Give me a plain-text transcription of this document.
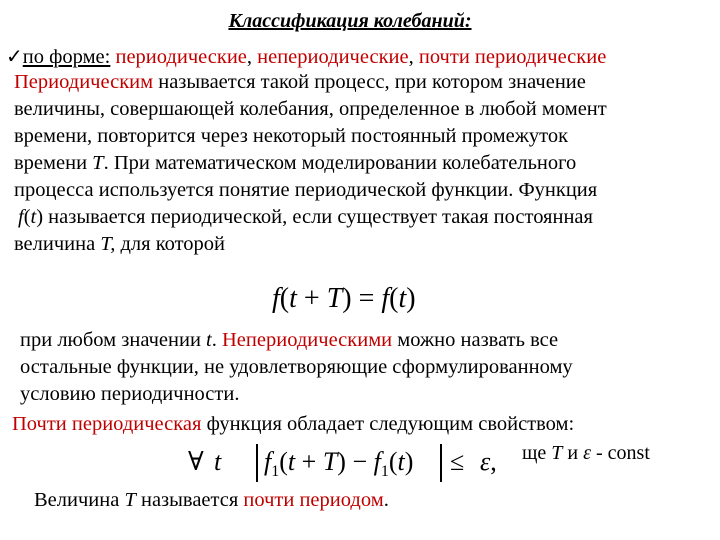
Классификация колебаний:
✓по форме: периодические, непериодические, почти периодические
Периодическим называется такой процесс, при котором значение
величины, совершающей колебания, определенное в любой момент
времени, повторится через некоторый постоянный промежуток
времени T. При математическом моделировании колебательного
процесса используется понятие периодической функции. Функция
f(t) называется периодической, если существует такая постоянная
величина T, для которой
f(t + T) = f(t)
при любом значении t. Непериодическими можно назвать все
остальные функции, не удовлетворяющие сформулированному
условию периодичности.
Почти периодическая функция обладает следующим свойством:
∀ t $f_1(t + T) - f_1(t) \le \varepsilon$, ще T и ε - const
Величина T называется почти периодом.
